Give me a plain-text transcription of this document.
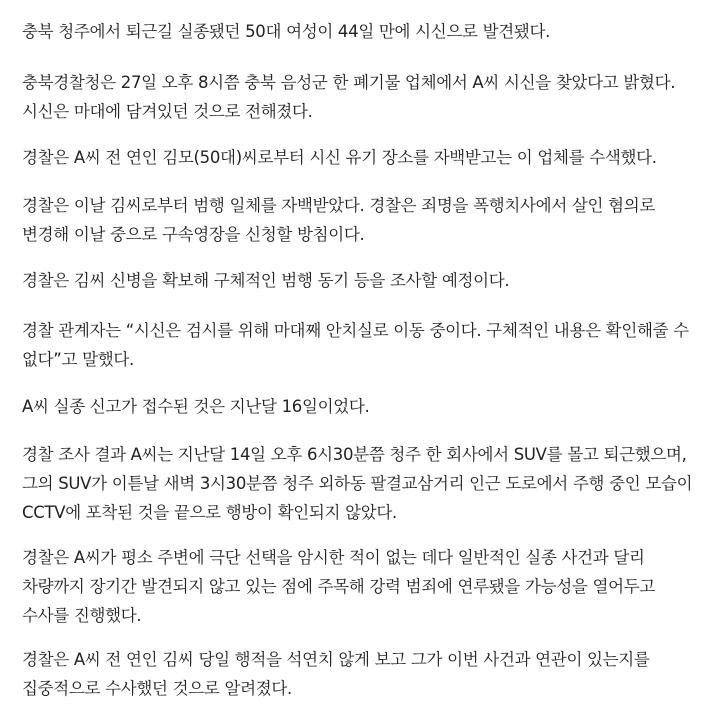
충북 청주에서 퇴근길 실종됐던 50대 여성이 44일 만에 시신으로 발견됐다.

충북경찰청은 27일 오후 8시쯤 충북 음성군 한 폐기물 업체에서 A씨 시신을 찾았다고 밝혔다. 시신은 마대에 담겨있던 것으로 전해졌다.

경찰은 A씨 전 연인 김모(50대)씨로부터 시신 유기 장소를 자백받고는 이 업체를 수색했다.

경찰은 이날 김씨로부터 범행 일체를 자백받았다. 경찰은 죄명을 폭행치사에서 살인 혐의로 변경해 이날 중으로 구속영장을 신청할 방침이다.

경찰은 김씨 신병을 확보해 구체적인 범행 동기 등을 조사할 예정이다.

경찰 관계자는 “시신은 검시를 위해 마대째 안치실로 이동 중이다. 구체적인 내용은 확인해줄 수 없다”고 말했다.

A씨 실종 신고가 접수된 것은 지난달 16일이었다.

경찰 조사 결과 A씨는 지난달 14일 오후 6시30분쯤 청주 한 회사에서 SUV를 몰고 퇴근했으며, 그의 SUV가 이튿날 새벽 3시30분쯤 청주 외하동 팔결교삼거리 인근 도로에서 주행 중인 모습이 CCTV에 포착된 것을 끝으로 행방이 확인되지 않았다.

경찰은 A씨가 평소 주변에 극단 선택을 암시한 적이 없는 데다 일반적인 실종 사건과 달리 차량까지 장기간 발견되지 않고 있는 점에 주목해 강력 범죄에 연루됐을 가능성을 열어두고 수사를 진행했다.

경찰은 A씨 전 연인 김씨 당일 행적을 석연치 않게 보고 그가 이번 사건과 연관이 있는지를 집중적으로 수사했던 것으로 알려졌다.
